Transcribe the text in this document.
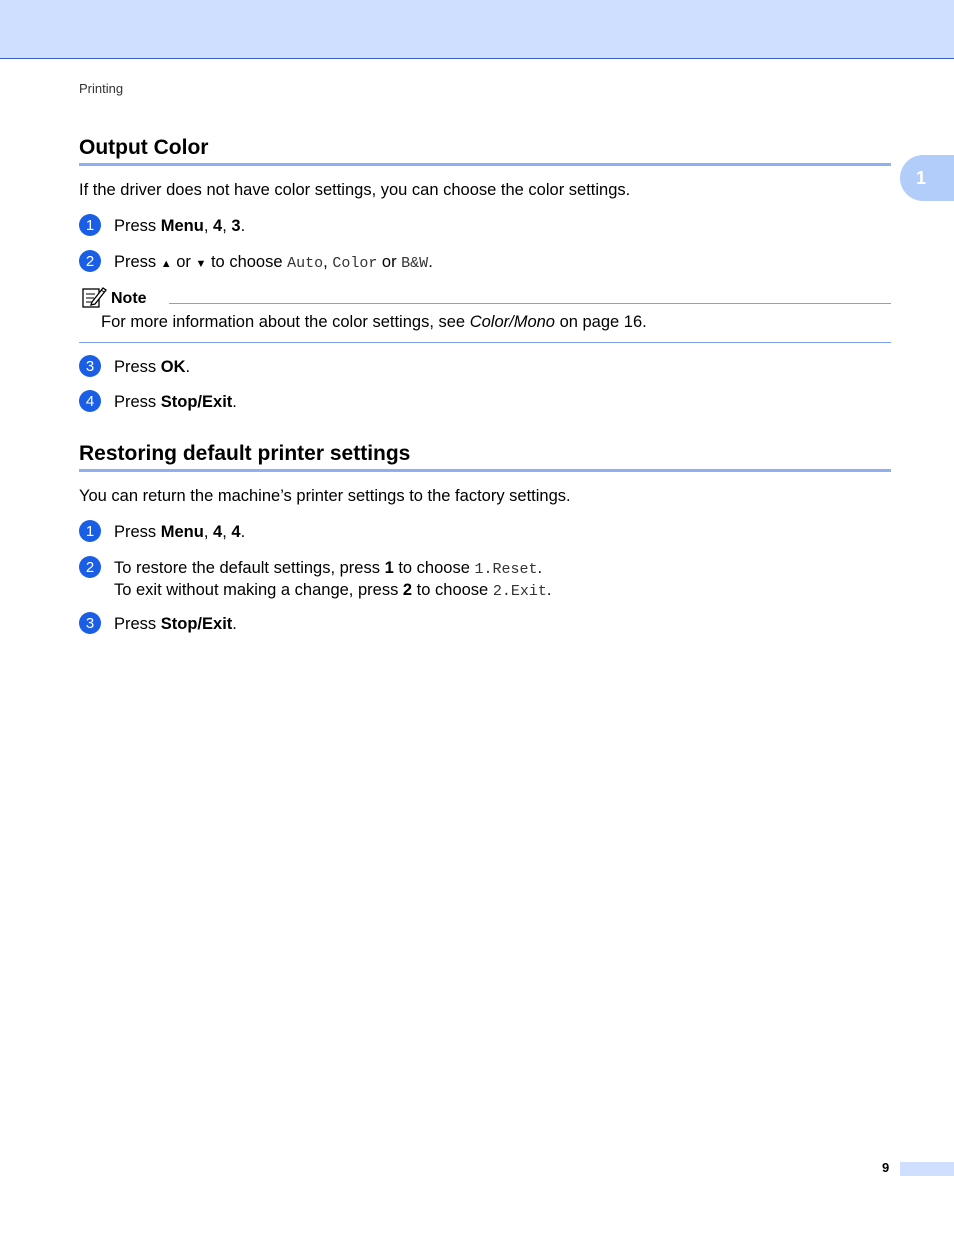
Printing
1
Output Color
If the driver does not have color settings, you can choose the color settings.
1	Press Menu, 4, 3.
2	Press ▲ or ▼ to choose Auto, Color or B&W.
Note
For more information about the color settings, see Color/Mono on page 16.
3	Press OK.
4	Press Stop/Exit.
Restoring default printer settings
You can return the machine’s printer settings to the factory settings.
1	Press Menu, 4, 4.
2	To restore the default settings, press 1 to choose 1.Reset.
To exit without making a change, press 2 to choose 2.Exit.
3	Press Stop/Exit.
9
